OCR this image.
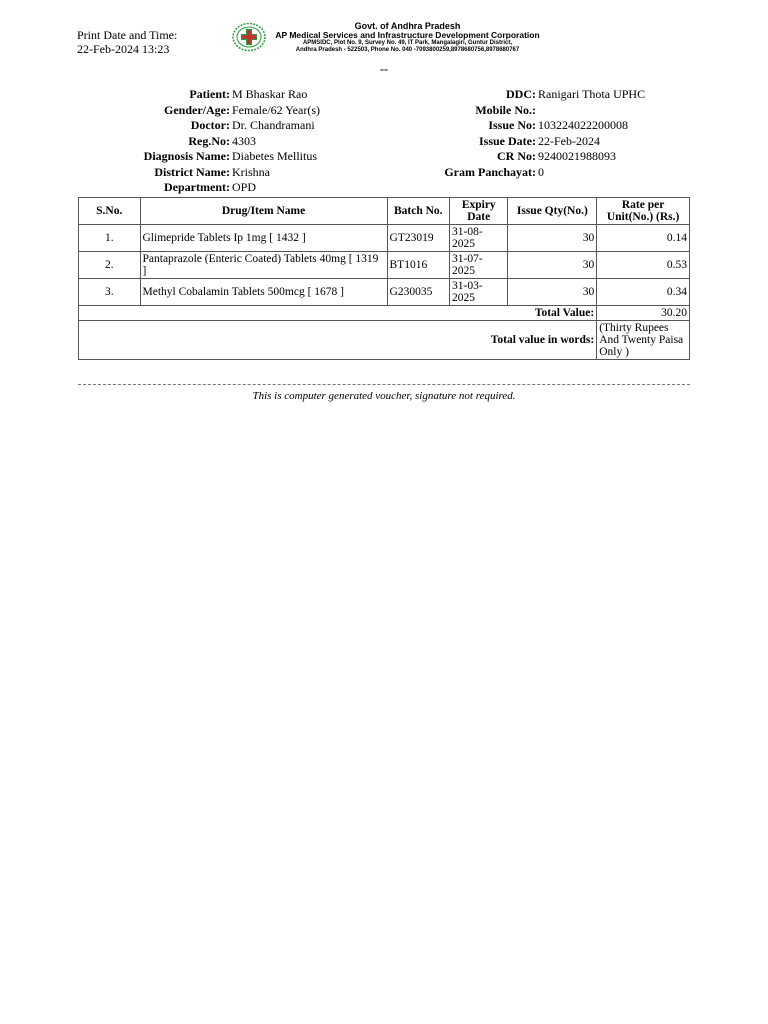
Print Date and Time:
22-Feb-2024 13:23
Govt. of Andhra Pradesh
AP Medical Services and Infrastructure Development Corporation
APMSIDC, Plot No. 9, Survey No. 49, IT Park, Mangalagiri, Guntur District,
Andhra Pradesh - 522503, Phone No. 040 -7093800259,8978680756,8978680767
--
Patient: M Bhaskar Rao
Gender/Age: Female/62 Year(s)
Doctor: Dr. Chandramani
Reg.No: 4303
Diagnosis Name: Diabetes Mellitus
District Name: Krishna
Department: OPD
DDC: Ranigari Thota UPHC
Mobile No.:
Issue No: 103224022200008
Issue Date: 22-Feb-2024
CR No: 9240021988093
Gram Panchayat: 0
S.No.	Drug/Item Name	Batch No.	Expiry Date	Issue Qty(No.)	Rate per Unit(No.) (Rs.)
1.	Glimepride Tablets Ip 1mg [ 1432 ]	GT23019	31-08-2025	30	0.14
2.	Pantaprazole (Enteric Coated) Tablets 40mg [ 1319 ]	BT1016	31-07-2025	30	0.53
3.	Methyl Cobalamin Tablets 500mcg [ 1678 ]	G230035	31-03-2025	30	0.34
Total Value:					30.20
Total value in words:					(Thirty Rupees And Twenty Paisa Only )
This is computer generated voucher, signature not required.
